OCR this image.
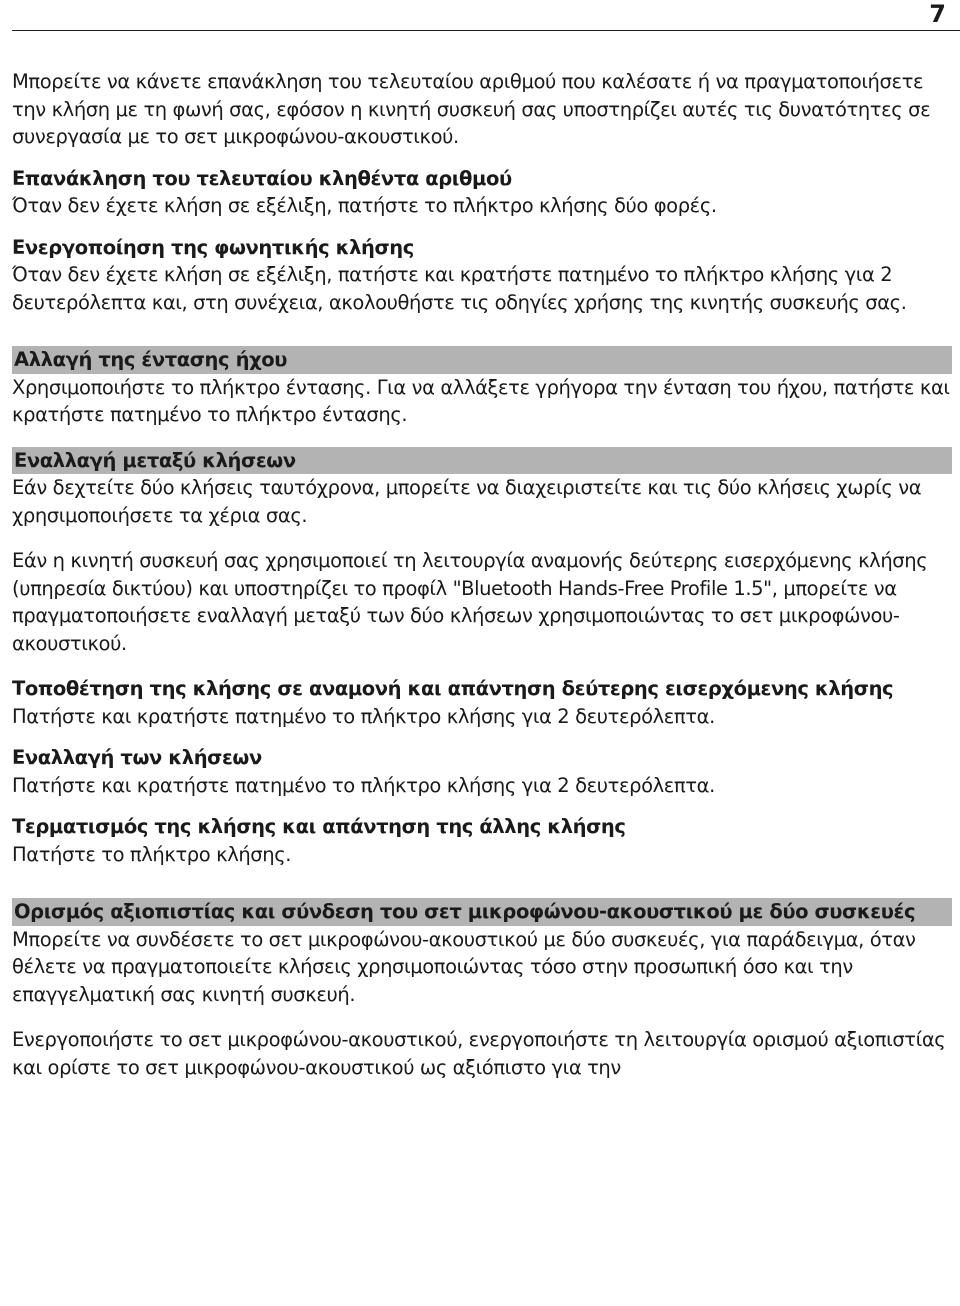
7

Μπορείτε να κάνετε επανάκληση του τελευταίου αριθμού που καλέσατε ή να πραγματοποιήσετε την κλήση με τη φωνή σας, εφόσον η κινητή συσκευή σας υποστηρίζει αυτές τις δυνατότητες σε συνεργασία με το σετ μικροφώνου-ακουστικού.

Επανάκληση του τελευταίου κληθέντα αριθμού

Όταν δεν έχετε κλήση σε εξέλιξη, πατήστε το πλήκτρο κλήσης δύο φορές.

Ενεργοποίηση της φωνητικής κλήσης

Όταν δεν έχετε κλήση σε εξέλιξη, πατήστε και κρατήστε πατημένο το πλήκτρο κλήσης για 2 δευτερόλεπτα και, στη συνέχεια, ακολουθήστε τις οδηγίες χρήσης της κινητής συσκευής σας.

Αλλαγή της έντασης ήχου

Χρησιμοποιήστε το πλήκτρο έντασης. Για να αλλάξετε γρήγορα την ένταση του ήχου, πατήστε και κρατήστε πατημένο το πλήκτρο έντασης.

Εναλλαγή μεταξύ κλήσεων

Εάν δεχτείτε δύο κλήσεις ταυτόχρονα, μπορείτε να διαχειριστείτε και τις δύο κλήσεις χωρίς να χρησιμοποιήσετε τα χέρια σας.

Εάν η κινητή συσκευή σας χρησιμοποιεί τη λειτουργία αναμονής δεύτερης εισερχόμενης κλήσης (υπηρεσία δικτύου) και υποστηρίζει το προφίλ "Bluetooth Hands-Free Profile 1.5", μπορείτε να πραγματοποιήσετε εναλλαγή μεταξύ των δύο κλήσεων χρησιμοποιώντας το σετ μικροφώνου-ακουστικού.

Τοποθέτηση της κλήσης σε αναμονή και απάντηση δεύτερης εισερχόμενης κλήσης

Πατήστε και κρατήστε πατημένο το πλήκτρο κλήσης για 2 δευτερόλεπτα.

Εναλλαγή των κλήσεων

Πατήστε και κρατήστε πατημένο το πλήκτρο κλήσης για 2 δευτερόλεπτα.

Τερματισμός της κλήσης και απάντηση της άλλης κλήσης

Πατήστε το πλήκτρο κλήσης.

Ορισμός αξιοπιστίας και σύνδεση του σετ μικροφώνου-ακουστικού με δύο συσκευές

Μπορείτε να συνδέσετε το σετ μικροφώνου-ακουστικού με δύο συσκευές, για παράδειγμα, όταν θέλετε να πραγματοποιείτε κλήσεις χρησιμοποιώντας τόσο στην προσωπική όσο και την επαγγελματική σας κινητή συσκευή.

Ενεργοποιήστε το σετ μικροφώνου-ακουστικού, ενεργοποιήστε τη λειτουργία ορισμού αξιοπιστίας και ορίστε το σετ μικροφώνου-ακουστικού ως αξιόπιστο για την
